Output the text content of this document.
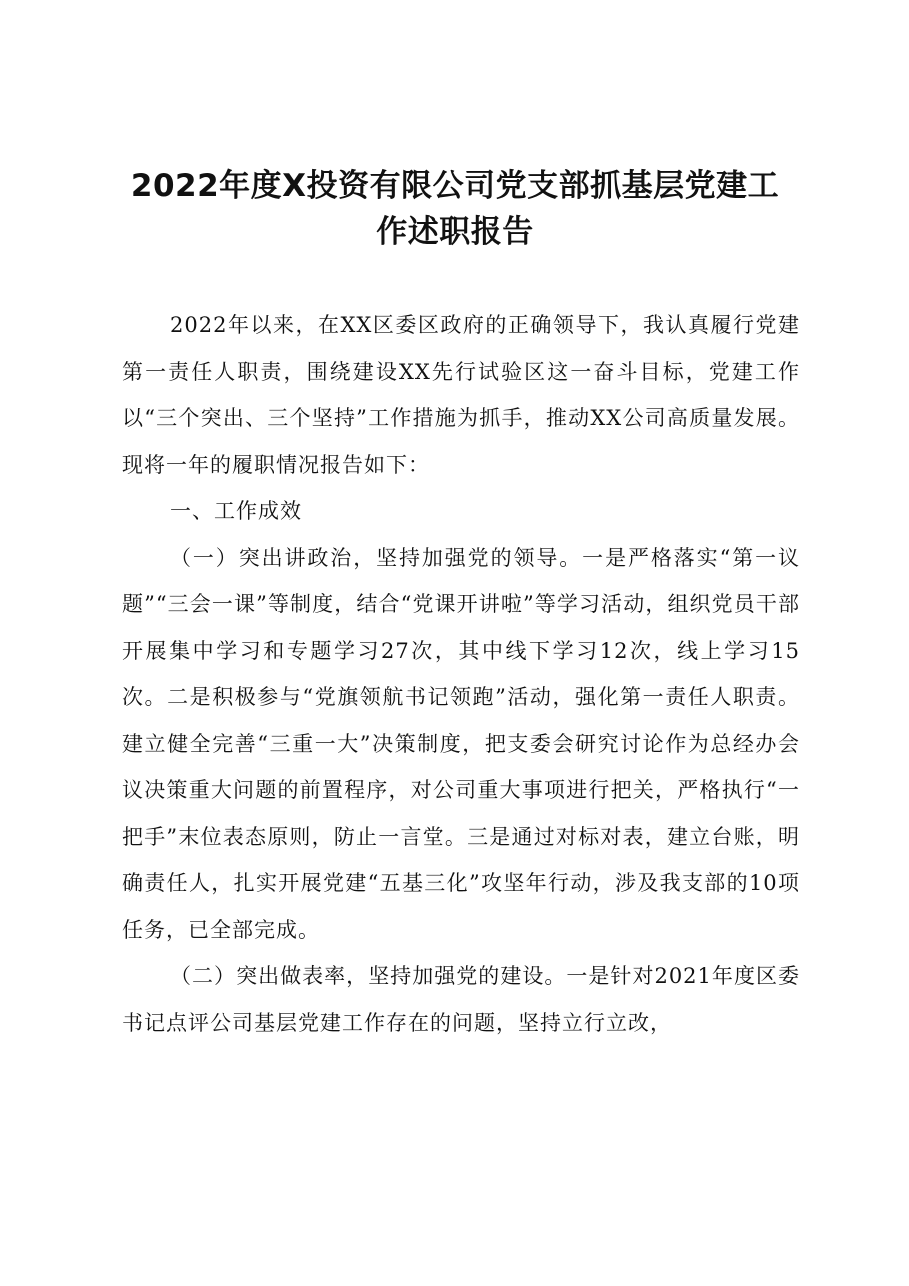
2022年度X投资有限公司党支部抓基层党建工
作述职报告

2022年以来，在XX区委区政府的正确领导下，我认真履行党建第一责任人职责，围绕建设XX先行试验区这一奋斗目标，党建工作以“三个突出、三个坚持”工作措施为抓手，推动XX公司高质量发展。现将一年的履职情况报告如下：

一、工作成效

（一）突出讲政治，坚持加强党的领导。一是严格落实“第一议题”“三会一课”等制度，结合“党课开讲啦”等学习活动，组织党员干部开展集中学习和专题学习27次，其中线下学习12次，线上学习15次。二是积极参与“党旗领航书记领跑”活动，强化第一责任人职责。建立健全完善“三重一大”决策制度，把支委会研究讨论作为总经办会议决策重大问题的前置程序，对公司重大事项进行把关，严格执行“一把手”末位表态原则，防止一言堂。三是通过对标对表，建立台账，明确责任人，扎实开展党建“五基三化”攻坚年行动，涉及我支部的10项任务，已全部完成。

（二）突出做表率，坚持加强党的建设。一是针对2021年度区委书记点评公司基层党建工作存在的问题，坚持立行立改，
